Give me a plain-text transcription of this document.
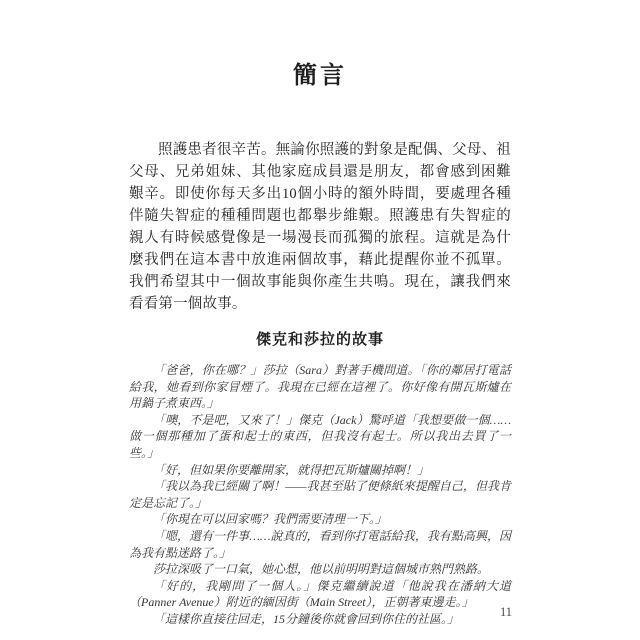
簡言

照護患者很辛苦。無論你照護的對象是配偶、父母、祖父母、兄弟姐妹、其他家庭成員還是朋友，都會感到困難艱辛。即使你每天多出10個小時的額外時間，要處理各種伴隨失智症的種種問題也都舉步維艱。照護患有失智症的親人有時候感覺像是一場漫長而孤獨的旅程。這就是為什麼我們在這本書中放進兩個故事，藉此提醒你並不孤單。我們希望其中一個故事能與你產生共鳴。現在，讓我們來看看第一個故事。

傑克和莎拉的故事

「爸爸，你在哪？」莎拉（Sara）對著手機問道。「你的鄰居打電話給我，她看到你家冒煙了。我現在已經在這裡了。你好像有開瓦斯爐在用鍋子煮東西。」

「噢，不是吧，又來了！」傑克（Jack）驚呼道「我想要做一個……做一個那種加了蛋和起士的東西，但我沒有起士。所以我出去買了一些。」

「好，但如果你要離開家，就得把瓦斯爐關掉啊！」

「我以為我已經關了啊！——我甚至貼了便條紙來提醒自己，但我肯定是忘記了。」

「你現在可以回家嗎？我們需要清理一下。」

「嗯，還有一件事……說真的，看到你打電話給我，我有點高興，因為我有點迷路了。」

莎拉深吸了一口氣，她心想，他以前明明對這個城市熟門熟路。

「好的，我剛問了一個人。」傑克繼續說道「他說我在潘納大道（Panner Avenue）附近的緬因街（Main Street），正朝著東邊走。」

「這樣你直接往回走，15分鐘後你就會回到你住的社區。」	11
